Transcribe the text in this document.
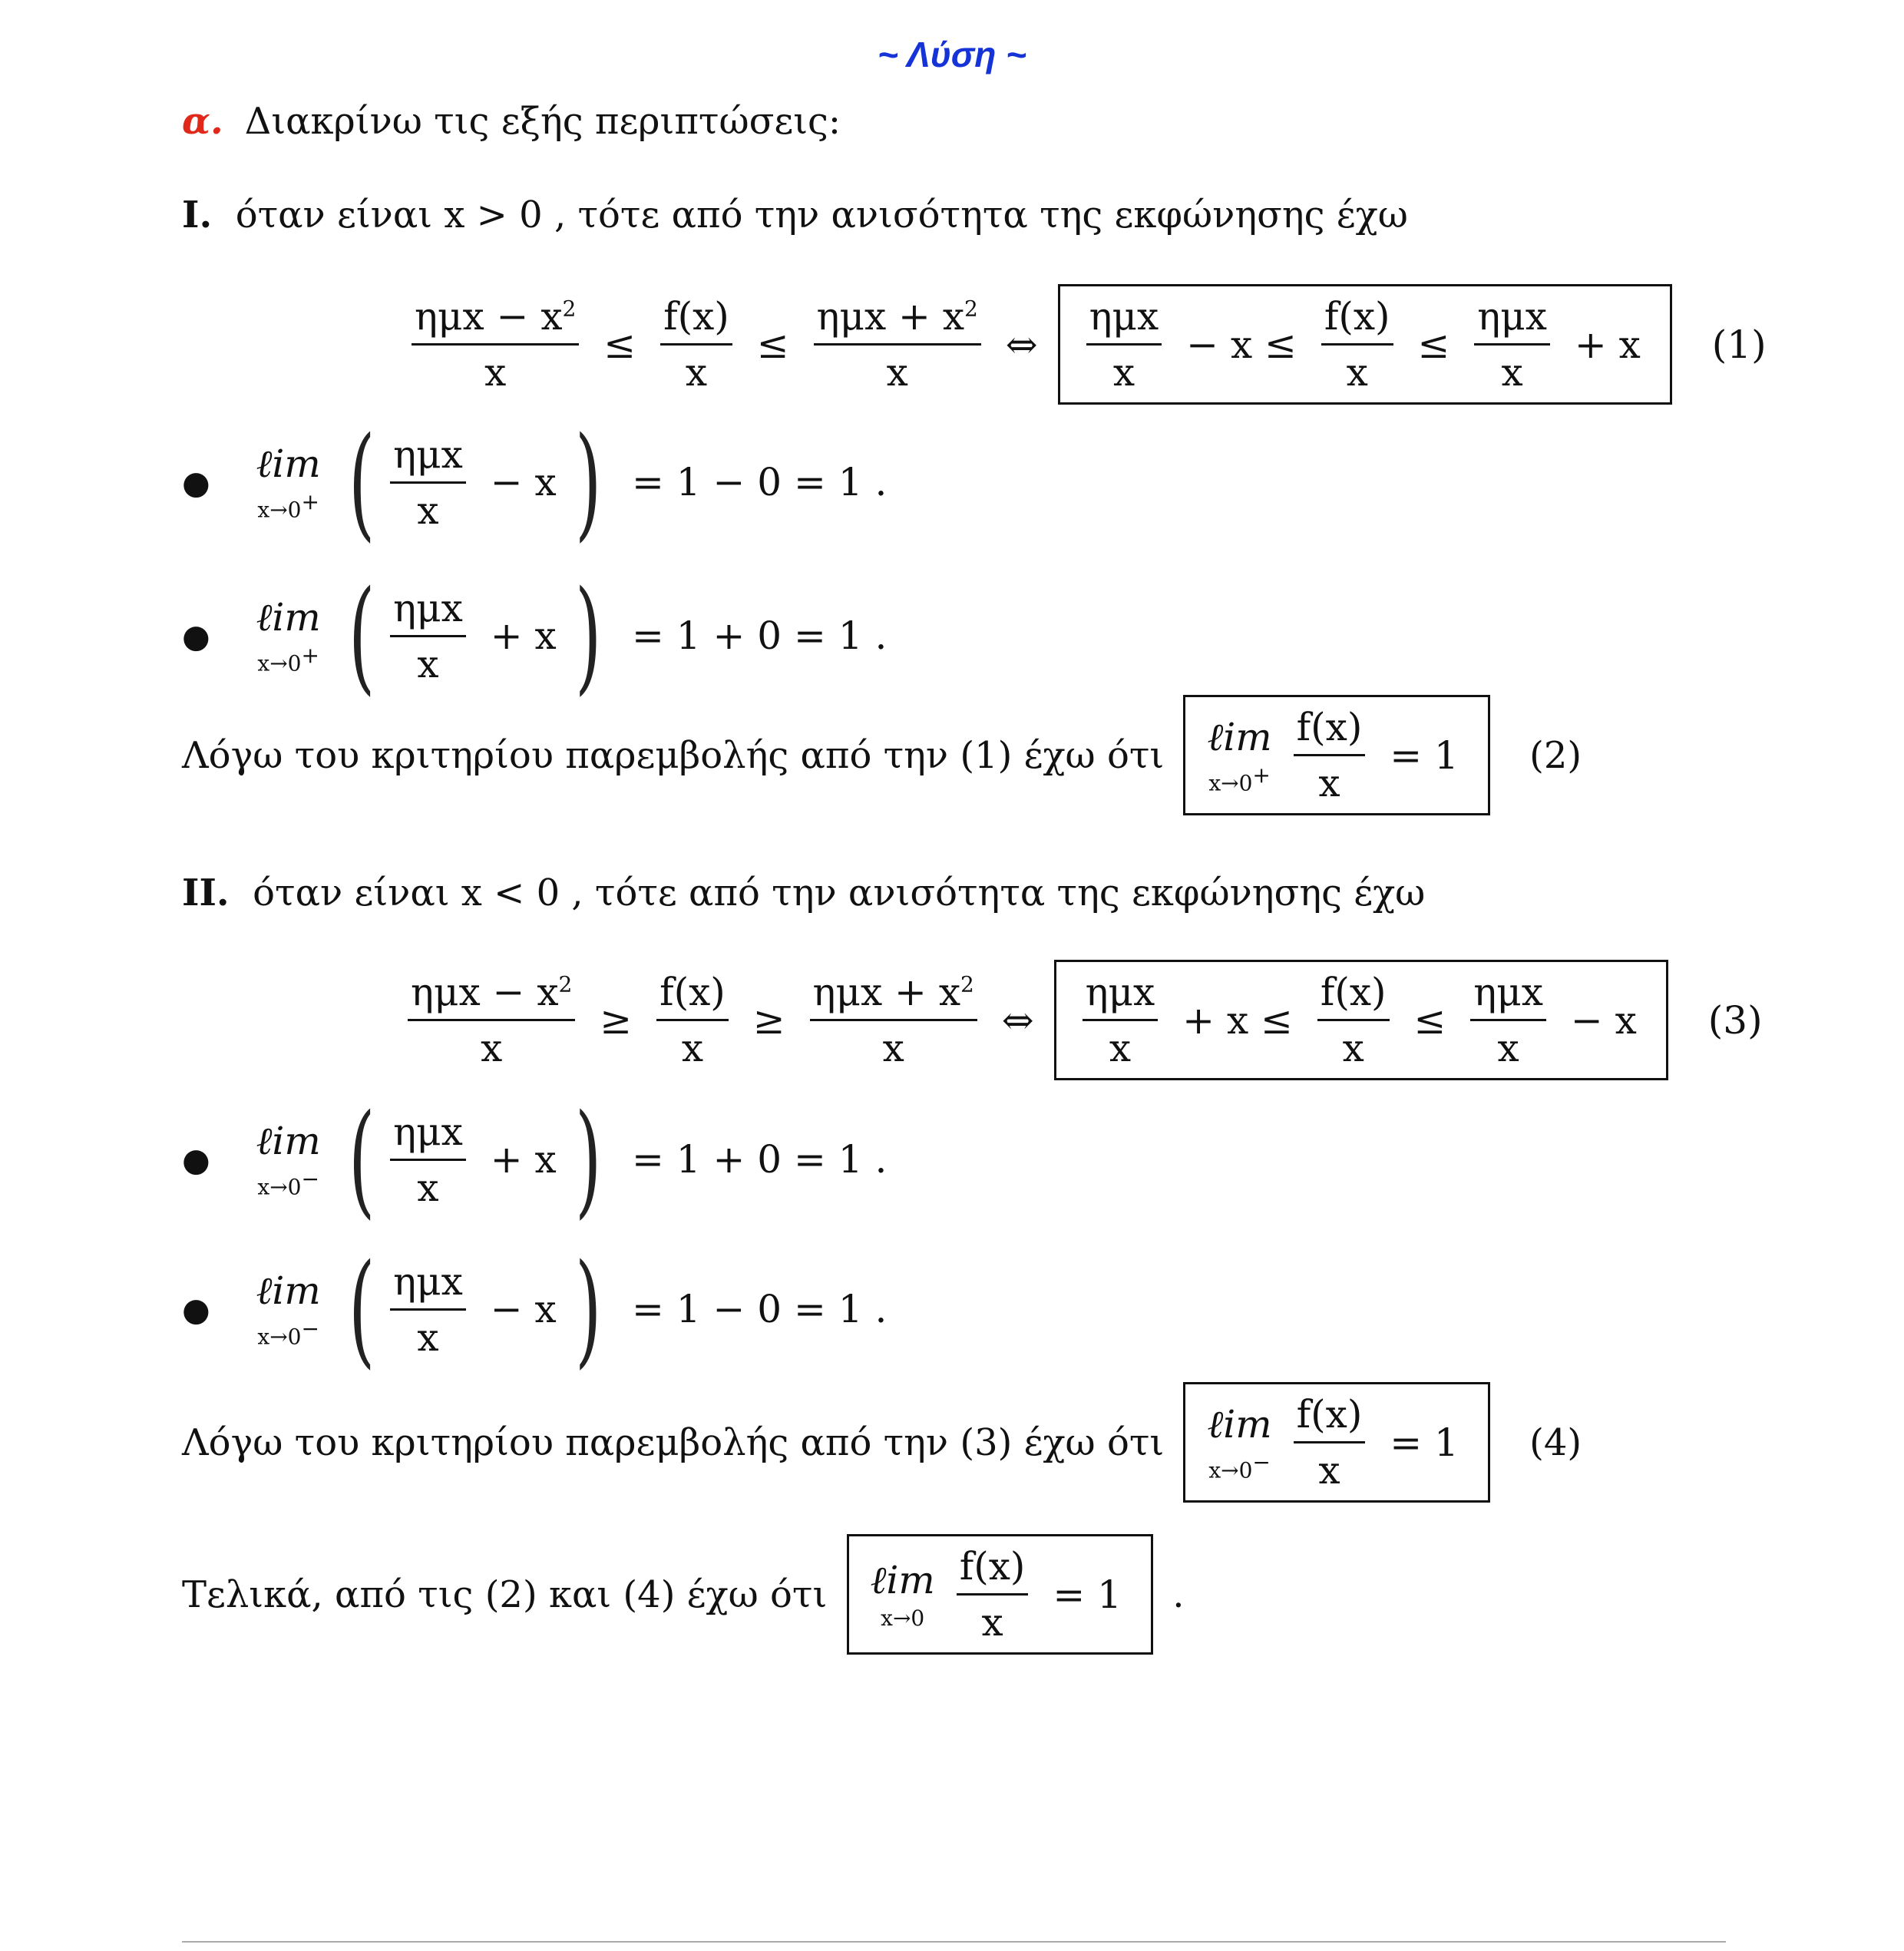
~ Λύση ~
α. Διακρίνω τις εξής περιπτώσεις:
I. όταν είναι x > 0 , τότε από την ανισότητα της εκφώνησης έχω
$\frac{\eta\mu x - x^2}{x} \le \frac{f(x)}{x} \le \frac{\eta\mu x + x^2}{x}$ ⇔ $\frac{\text{ημx}}{x} - x \le \frac{f(x)}{x} \le \frac{\text{ημx}}{x} + x$ (1)
● ℓim
x→0+ ( $\frac{\text{ημx}}{x} - x$ ) = 1 − 0 = 1 .
● ℓim
x→0+ ( $\frac{\text{ημx}}{x} + x$ ) = 1 + 0 = 1 .
Λόγω του κριτηρίου παρεμβολής από την (1) έχω ότι ℓim
x→0+
$\frac{f(x)}{x} = 1$ (2)
II. όταν είναι x < 0 , τότε από την ανισότητα της εκφώνησης έχω
$\frac{\eta\mu x - x^2}{x} \ge \frac{f(x)}{x} \ge \frac{\eta\mu x + x^2}{x}$ ⇔ $\frac{\text{ημx}}{x} + x \le \frac{f(x)}{x} \le \frac{\text{ημx}}{x} - x$ (3)
● ℓim
x→0− ( $\frac{\text{ημx}}{x} + x$ ) = 1 + 0 = 1 .
● ℓim
x→0− ( $\frac{\text{ημx}}{x} - x$ ) = 1 − 0 = 1 .
Λόγω του κριτηρίου παρεμβολής από την (3) έχω ότι ℓim
x→0−
$\frac{f(x)}{x} = 1$ (4)
Τελικά, από τις (2) και (4) έχω ότι ℓim
x→0
$\frac{f(x)}{x} = 1$ .
